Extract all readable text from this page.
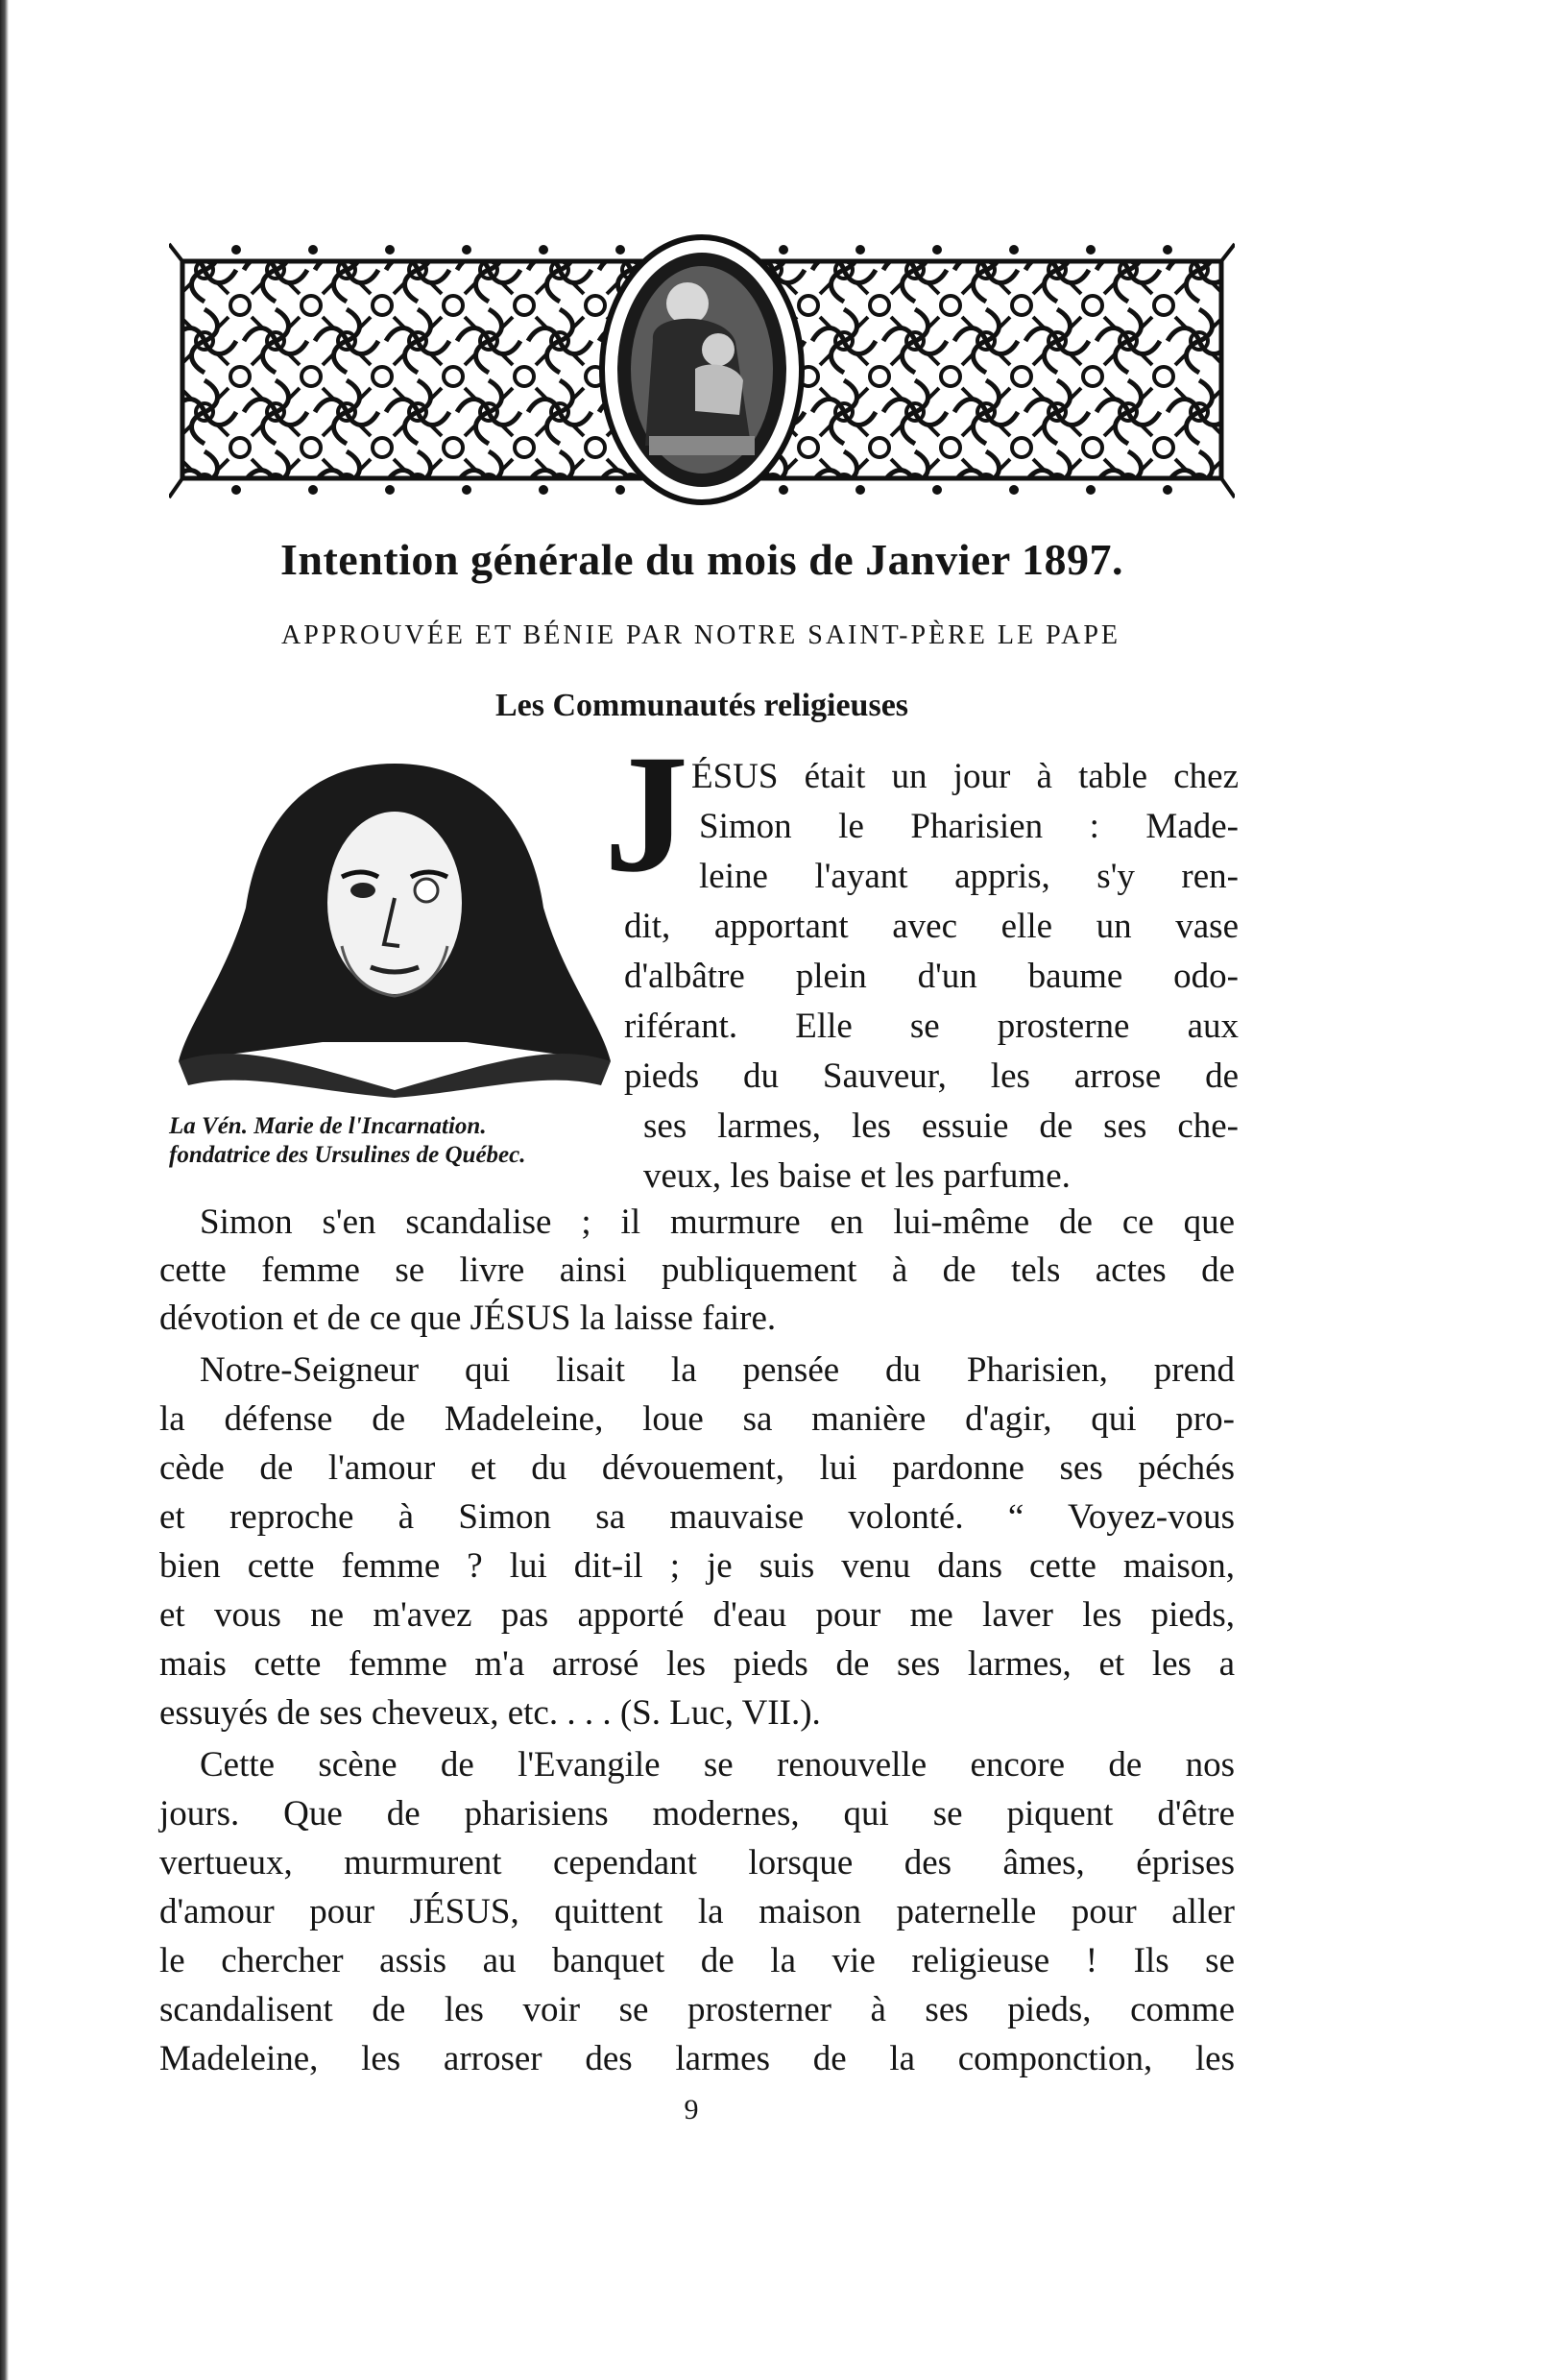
Intention générale du mois de Janvier 1897.
APPROUVÉE ET BÉNIE PAR NOTRE SAINT-PÈRE LE PAPE
Les Communautés religieuses
La Vén. Marie de l'Incarnation.
fondatrice des Ursulines de Québec.
J ÉSUS était un jour à table chez
Simon le Pharisien : Made-
leine l'ayant appris, s'y ren-
dit, apportant avec elle un vase
d'albâtre plein d'un baume odo-
riférant. Elle se prosterne aux
pieds du Sauveur, les arrose de
ses larmes, les essuie de ses che-
veux, les baise et les parfume.
Simon s'en scandalise ; il murmure en lui-même de ce que
cette femme se livre ainsi publiquement à de tels actes de
dévotion et de ce que JÉSUS la laisse faire.
Notre-Seigneur qui lisait la pensée du Pharisien, prend
la défense de Madeleine, loue sa manière d'agir, qui pro-
cède de l'amour et du dévouement, lui pardonne ses péchés
et reproche à Simon sa mauvaise volonté. “ Voyez-vous
bien cette femme ? lui dit-il ; je suis venu dans cette maison,
et vous ne m'avez pas apporté d'eau pour me laver les pieds,
mais cette femme m'a arrosé les pieds de ses larmes, et les a
essuyés de ses cheveux, etc. . . . (S. Luc, VII.).
Cette scène de l'Evangile se renouvelle encore de nos
jours. Que de pharisiens modernes, qui se piquent d'être
vertueux, murmurent cependant lorsque des âmes, éprises
d'amour pour JÉSUS, quittent la maison paternelle pour aller
le chercher assis au banquet de la vie religieuse ! Ils se
scandalisent de les voir se prosterner à ses pieds, comme
Madeleine, les arroser des larmes de la componction, les
9
